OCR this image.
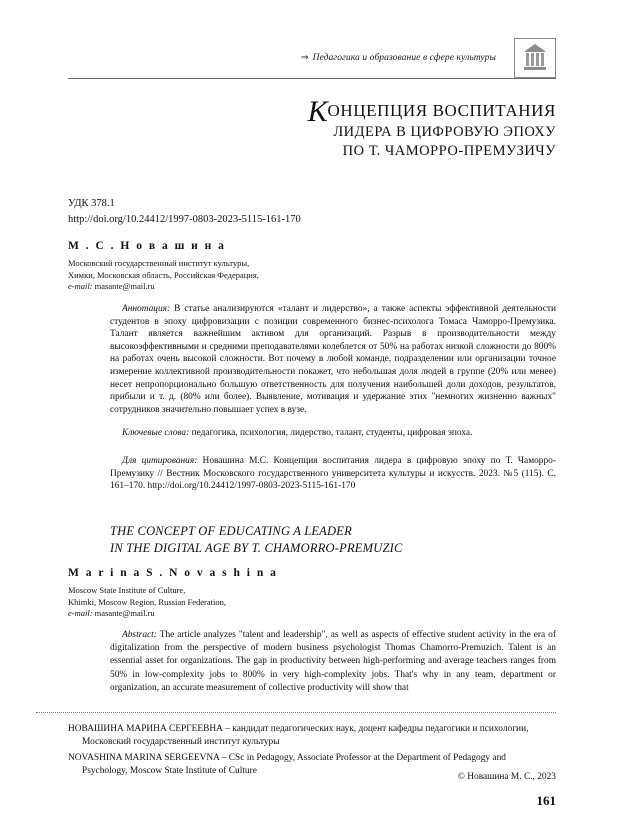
⇒ Педагогика и образование в сфере культуры
КОНЦЕПЦИЯ ВОСПИТАНИЯ
ЛИДЕРА В ЦИФРОВУЮ ЭПОХУ
ПО Т. ЧАМОРРО-ПРЕМУЗИЧУ
УДК 378.1
http://doi.org/10.24412/1997-0803-2023-5115-161-170
М . С . Н о в а ш и н а
Московский государственный институт культуры,
Химки, Московская область, Российская Федерация,
e-mail: masante@mail.ru
Аннотация: В статье анализируются «талант и лидерство», а также аспекты эффективной деятельности студентов в эпоху цифровизации с позиции современного бизнес-психолога Томаса Чаморро-Премузика. Талант является важнейшим активом для организаций. Разрыв в производительности между высокоэффективными и средними преподавателями колеблется от 50% на работах низкой сложности до 800% на работах очень высокой сложности. Вот почему в любой команде, подразделении или организации точное измерение коллективной производительности покажет, что небольшая доля людей в группе (20% или менее) несет непропорционально большую ответственность для получения наибольшей доли доходов, результатов, прибыли и т. д. (80% или более). Выявление, мотивация и удержание этих "немногих жизненно важных" сотрудников значительно повышает успех в вузе.
Ключевые слова: педагогика, психология, лидерство, талант, студенты, цифровая эпоха.
Для цитирования: Новашина М.С. Концепция воспитания лидера в цифровую эпоху по Т. Чаморро-Премузику // Вестник Московского государственного университета культуры и искусств. 2023. №5 (115). С. 161–170. http://doi.org/10.24412/1997-0803-2023-5115-161-170
THE CONCEPT OF EDUCATING A LEADER
IN THE DIGITAL AGE BY T. CHAMORRO-PREMUZIC
M a r i n a S . N o v a s h i n a
Moscow State Institute of Culture,
Khimki, Moscow Region, Russian Federation,
e-mail: masante@mail.ru
Abstract: The article analyzes "talent and leadership", as well as aspects of effective student activity in the era of digitalization from the perspective of modern business psychologist Thomas Chamorro-Premuzich. Talent is an essential asset for organizations. The gap in productivity between high-performing and average teachers ranges from 50% in low-complexity jobs to 800% in very high-complexity jobs. That's why in any team, department or organization, an accurate measurement of collective productivity will show that

НОВАШИНА МАРИНА СЕРГЕЕВНА – кандидат педагогических наук, доцент кафедры педагогики и психологии, Московский государственный институт культуры

NOVASHINA MARINA SERGEEVNA – CSc in Pedagogy, Associate Professor at the Department of Pedagogy and Psychology, Moscow State Institute of Culture

© Новашина М. С., 2023
161
